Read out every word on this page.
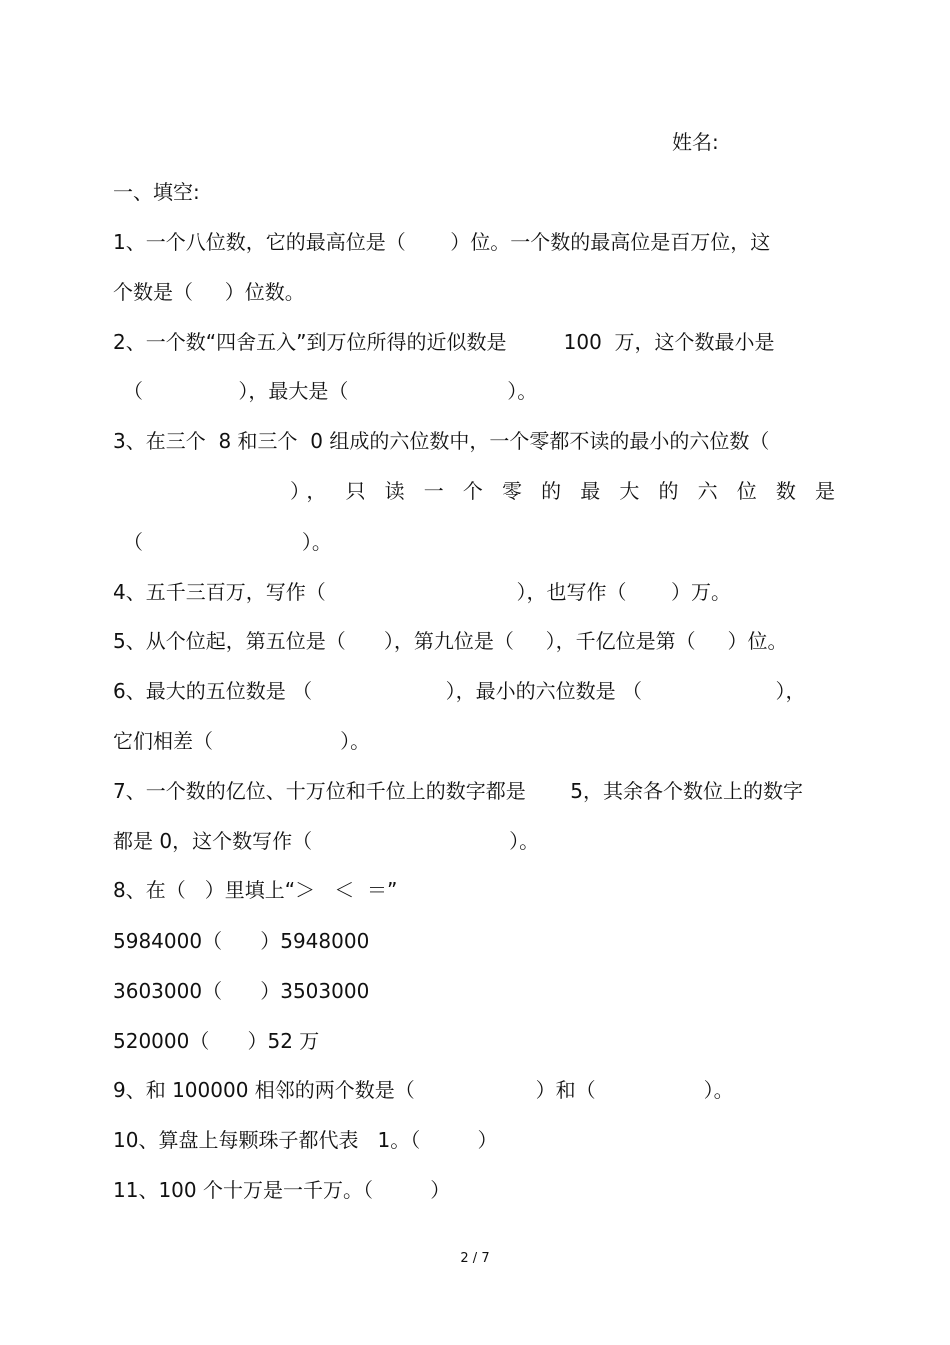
姓名:
一、填空:
1、一个八位数，它的最高位是（       ）位。一个数的最高位是百万位，这
个数是（     ）位数。
2、一个数“四舍五入”到万位所得的近似数是         100  万，这个数最小是
（               ），最大是（                         ）。
3、在三个  8 和三个  0 组成的六位数中，一个零都不读的最小的六位数（
）， 只 读 一 个 零 的 最 大 的 六 位 数 是
（                         ）。
4、五千三百万，写作（                              ），也写作（       ）万。
5、从个位起，第五位是（      ），第九位是（     ），千亿位是第（     ）位。
6、最大的五位数是 （                     ），最小的六位数是 （                     ），
它们相差（                    ）。
7、一个数的亿位、十万位和千位上的数字都是       5，其余各个数位上的数字
都是 0，这个数写作（                               ）。
8、在（   ）里填上“＞   ＜  ＝”
5984000（      ）5948000
3603000（      ）3503000
520000（      ）52 万
9、和 100000 相邻的两个数是（                   ）和（                 ）。
10、算盘上每颗珠子都代表   1。（         ）
11、100 个十万是一千万。（         ）
2 / 7
